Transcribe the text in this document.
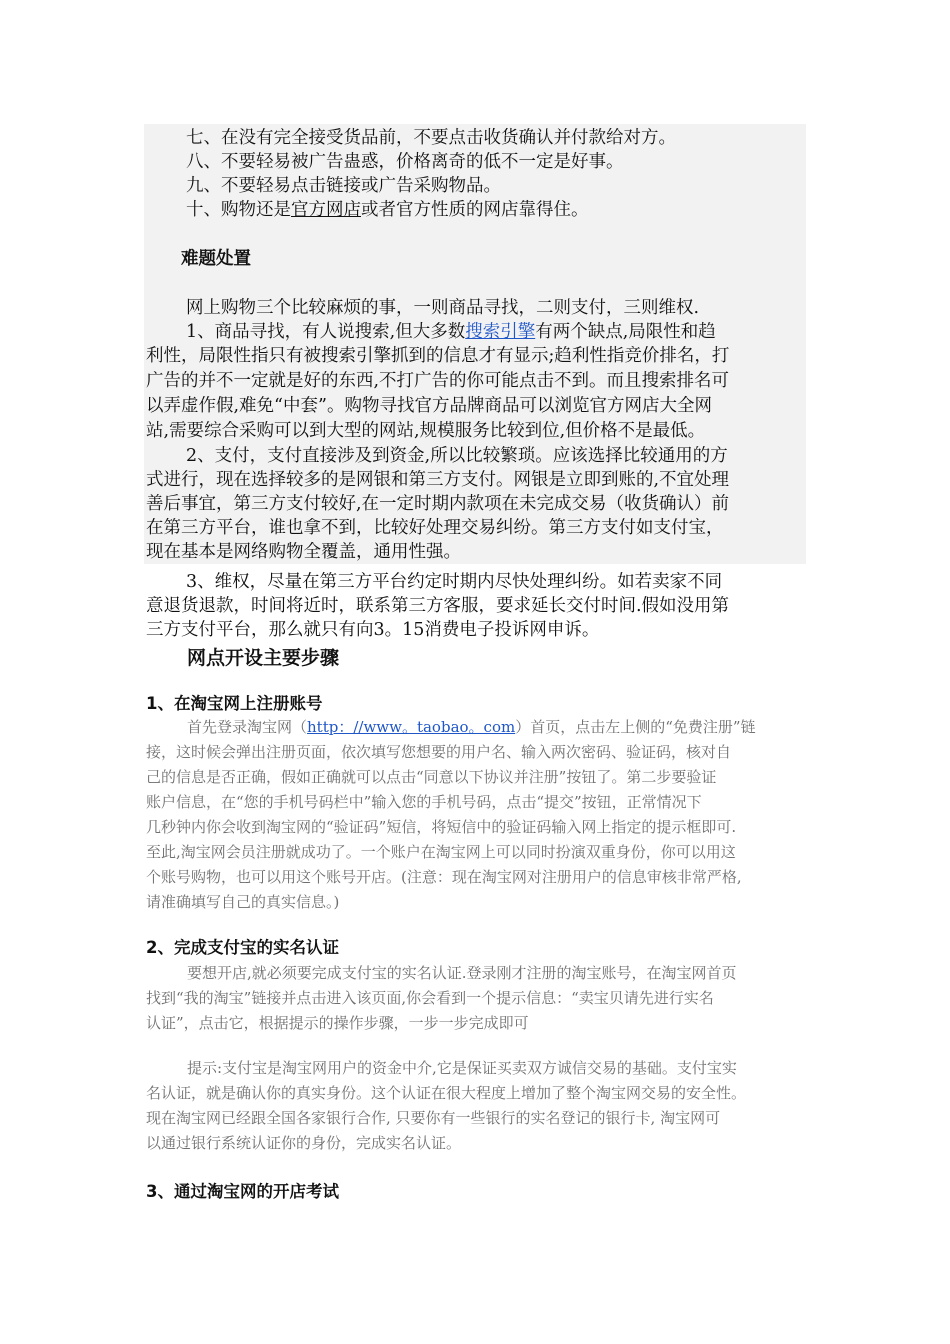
七、在没有完全接受货品前，不要点击收货确认并付款给对方。
八、不要轻易被广告蛊惑，价格离奇的低不一定是好事。
九、不要轻易点击链接或广告采购物品。
十、购物还是官方网店或者官方性质的网店靠得住。
难题处置
网上购物三个比较麻烦的事，一则商品寻找，二则支付，三则维权.
1、商品寻找，有人说搜索,但大多数搜索引擎有两个缺点,局限性和趋
利性，局限性指只有被搜索引擎抓到的信息才有显示;趋利性指竞价排名，打
广告的并不一定就是好的东西,不打广告的你可能点击不到。而且搜索排名可
以弄虚作假,难免“中套”。购物寻找官方品牌商品可以浏览官方网店大全网
站,需要综合采购可以到大型的网站,规模服务比较到位,但价格不是最低。
2、支付，支付直接涉及到资金,所以比较繁琐。应该选择比较通用的方
式进行，现在选择较多的是网银和第三方支付。网银是立即到账的,不宜处理
善后事宜，第三方支付较好,在一定时期内款项在未完成交易（收货确认）前
在第三方平台，谁也拿不到，比较好处理交易纠纷。第三方支付如支付宝，
现在基本是网络购物全覆盖，通用性强。
3、维权，尽量在第三方平台约定时期内尽快处理纠纷。如若卖家不同
意退货退款，时间将近时，联系第三方客服，要求延长交付时间.假如没用第
三方支付平台，那么就只有向3。15消费电子投诉网申诉。
网点开设主要步骤
1、在淘宝网上注册账号
首先登录淘宝网（http：//www。taobao。com）首页，点击左上侧的“免费注册”链
接，这时候会弹出注册页面，依次填写您想要的用户名、输入两次密码、验证码，核对自
己的信息是否正确，假如正确就可以点击“同意以下协议并注册”按钮了。第二步要验证
账户信息，在“您的手机号码栏中”输入您的手机号码，点击“提交”按钮，正常情况下
几秒钟内你会收到淘宝网的“验证码”短信，将短信中的验证码输入网上指定的提示框即可.
至此,淘宝网会员注册就成功了。一个账户在淘宝网上可以同时扮演双重身份，你可以用这
个账号购物，也可以用这个账号开店。(注意：现在淘宝网对注册用户的信息审核非常严格,
请准确填写自己的真实信息。)
2、完成支付宝的实名认证
要想开店,就必须要完成支付宝的实名认证.登录刚才注册的淘宝账号，在淘宝网首页
找到“我的淘宝”链接并点击进入该页面,你会看到一个提示信息：“卖宝贝请先进行实名
认证”，点击它，根据提示的操作步骤，一步一步完成即可
提示:支付宝是淘宝网用户的资金中介,它是保证买卖双方诚信交易的基础。支付宝实
名认证，就是确认你的真实身份。这个认证在很大程度上增加了整个淘宝网交易的安全性。
现在淘宝网已经跟全国各家银行合作, 只要你有一些银行的实名登记的银行卡, 淘宝网可
以通过银行系统认证你的身份，完成实名认证。
3、通过淘宝网的开店考试
